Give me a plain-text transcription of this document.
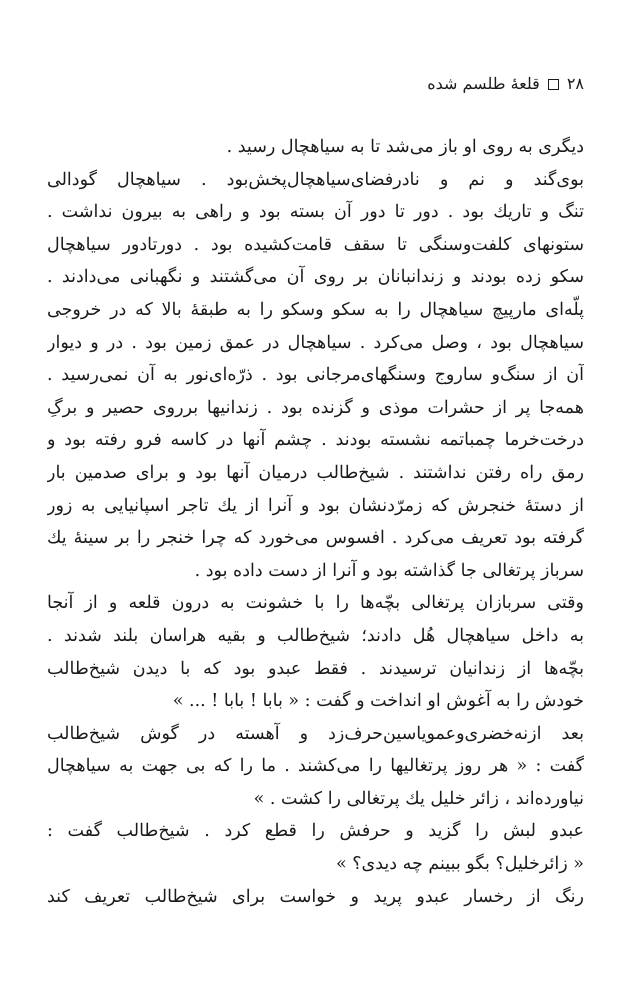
۲۸
قلعهٔ طلسم شده
دیگری به روی او باز می‌شد تا به سیاهچال رسید .
بوی‌گند و نم و نادرفضای‌سیاهچال‌پخش‌بود . سیاهچال گودالی
تنگ و تاریك بود . دور تا دور آن بسته بود و راهی به بیرون نداشت .
ستونهای کلفت‌وسنگی تا سقف قامت‌کشیده بود . دورتادور سیاهچال
سکو زده بودند و زندانبانان بر روی آن می‌گشتند و نگهبانی می‌دادند .
پلّه‌ای مارپیچ سیاهچال را به سکو وسکو را به طبقهٔ بالا که در خروجی
سیاهچال بود ، وصل می‌کرد . سیاهچال در عمق زمین بود . در و دیوار
آن از سنگ‌و ساروج وسنگهای‌مرجانی بود . ذرّه‌ای‌نور به آن نمی‌رسید .
همه‌جا پر از حشرات موذی و گزنده بود . زندانیها برروی حصیر و برگِ
درخت‌خرما چمباتمه نشسته بودند . چشم آنها در کاسه فرو رفته بود و
رمق راه رفتن نداشتند . شیخ‌طالب درمیان آنها بود و برای صدمین بار
از دستهٔ خنجرش که زمرّدنشان بود و آنرا از یك تاجر اسپانیایی به زور
گرفته بود تعریف می‌کرد . افسوس می‌خورد که چرا خنجر را بر سینهٔ یك
سرباز پرتغالی جا گذاشته بود و آنرا از دست داده بود .
وقتی سربازان پرتغالی بچّه‌ها را با خشونت به درون قلعه و از آنجا
به داخل سیاهچال هُل دادند؛ شیخ‌طالب و بقیه هراسان بلند شدند .
بچّه‌ها از زندانیان ترسیدند . فقط عبدو بود که با دیدن شیخ‌طالب
خودش را به آغوش او انداخت و گفت : « بابا ! بابا ! ... »
بعد ازنه‌خضری‌وعمویاسین‌حرف‌زد و آهسته در گوش شیخ‌طالب
گفت : « هر روز پرتغالیها را می‌کشند . ما را که بی جهت به سیاهچال
نیاورده‌اند ، زائر خلیل یك پرتغالی را کشت . »
عبدو لبش را گزید و حرفش را قطع کرد . شیخ‌طالب گفت :
« زائرخلیل؟ بگو ببینم چه دیدی؟ »
رنگ از رخسار عبدو پرید و خواست برای شیخ‌طالب تعریف کند
